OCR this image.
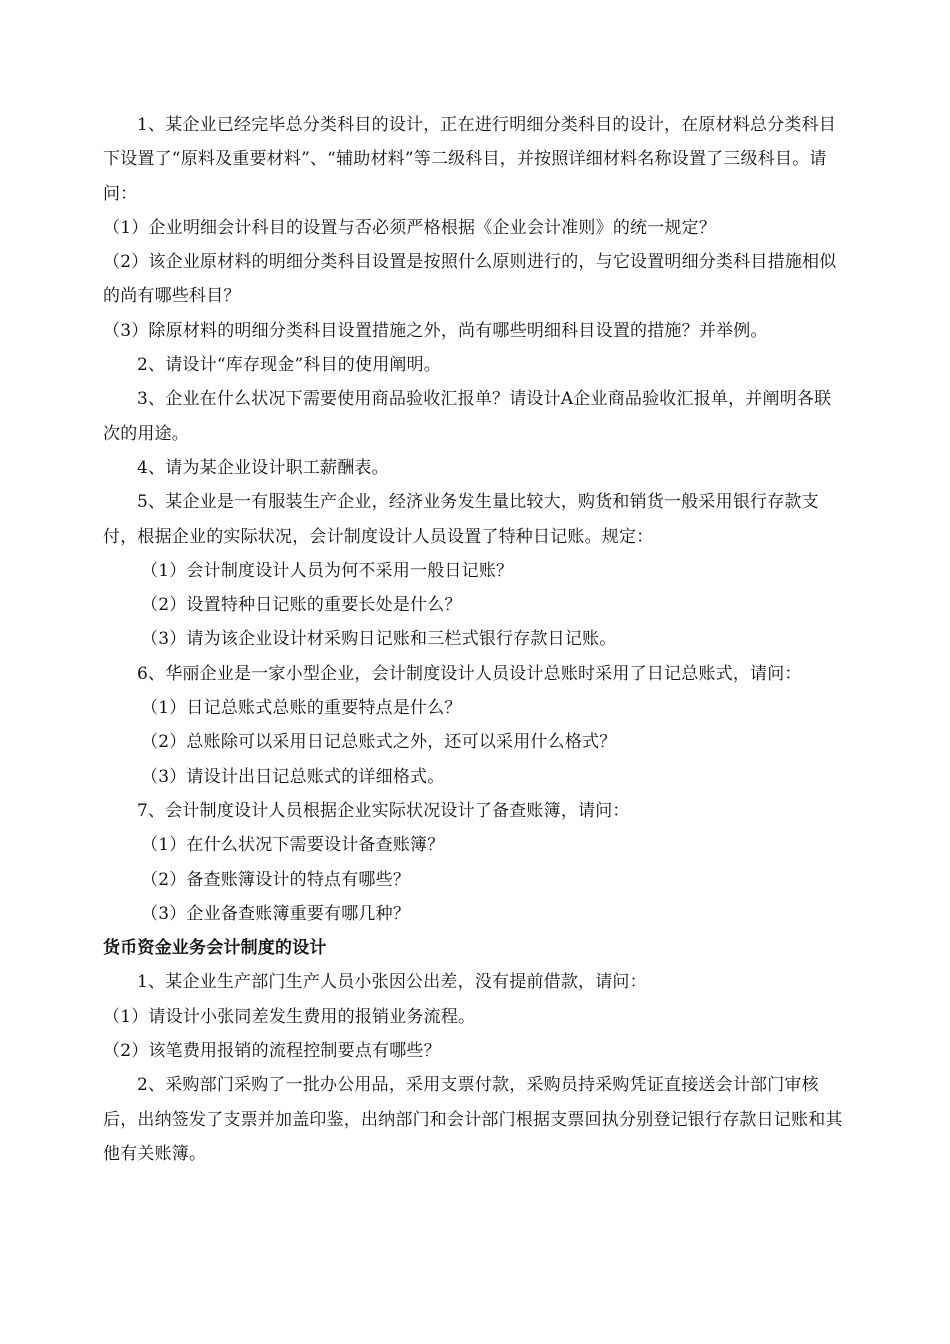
1、某企业已经完毕总分类科目的设计，正在进行明细分类科目的设计，在原材料总分类科目下设置了“原料及重要材料”、“辅助材料”等二级科目，并按照详细材料名称设置了三级科目。请问：

（1）企业明细会计科目的设置与否必须严格根据《企业会计准则》的统一规定？

（2）该企业原材料的明细分类科目设置是按照什么原则进行的，与它设置明细分类科目措施相似的尚有哪些科目？

（3）除原材料的明细分类科目设置措施之外，尚有哪些明细科目设置的措施？并举例。

2、请设计“库存现金”科目的使用阐明。

3、企业在什么状况下需要使用商品验收汇报单？请设计A企业商品验收汇报单，并阐明各联次的用途。

4、请为某企业设计职工薪酬表。

5、某企业是一有服装生产企业，经济业务发生量比较大，购货和销货一般采用银行存款支付，根据企业的实际状况，会计制度设计人员设置了特种日记账。规定：

（1）会计制度设计人员为何不采用一般日记账？

（2）设置特种日记账的重要长处是什么？

（3）请为该企业设计材采购日记账和三栏式银行存款日记账。

6、华丽企业是一家小型企业，会计制度设计人员设计总账时采用了日记总账式，请问：

（1）日记总账式总账的重要特点是什么？

（2）总账除可以采用日记总账式之外，还可以采用什么格式？

（3）请设计出日记总账式的详细格式。

7、会计制度设计人员根据企业实际状况设计了备查账簿，请问：

（1）在什么状况下需要设计备查账簿？

（2）备查账簿设计的特点有哪些？

（3）企业备查账簿重要有哪几种？

货币资金业务会计制度的设计

1、某企业生产部门生产人员小张因公出差，没有提前借款，请问：

（1）请设计小张同差发生费用的报销业务流程。

（2）该笔费用报销的流程控制要点有哪些？

2、采购部门采购了一批办公用品，采用支票付款，采购员持采购凭证直接送会计部门审核后，出纳签发了支票并加盖印鉴，出纳部门和会计部门根据支票回执分别登记银行存款日记账和其他有关账簿。
